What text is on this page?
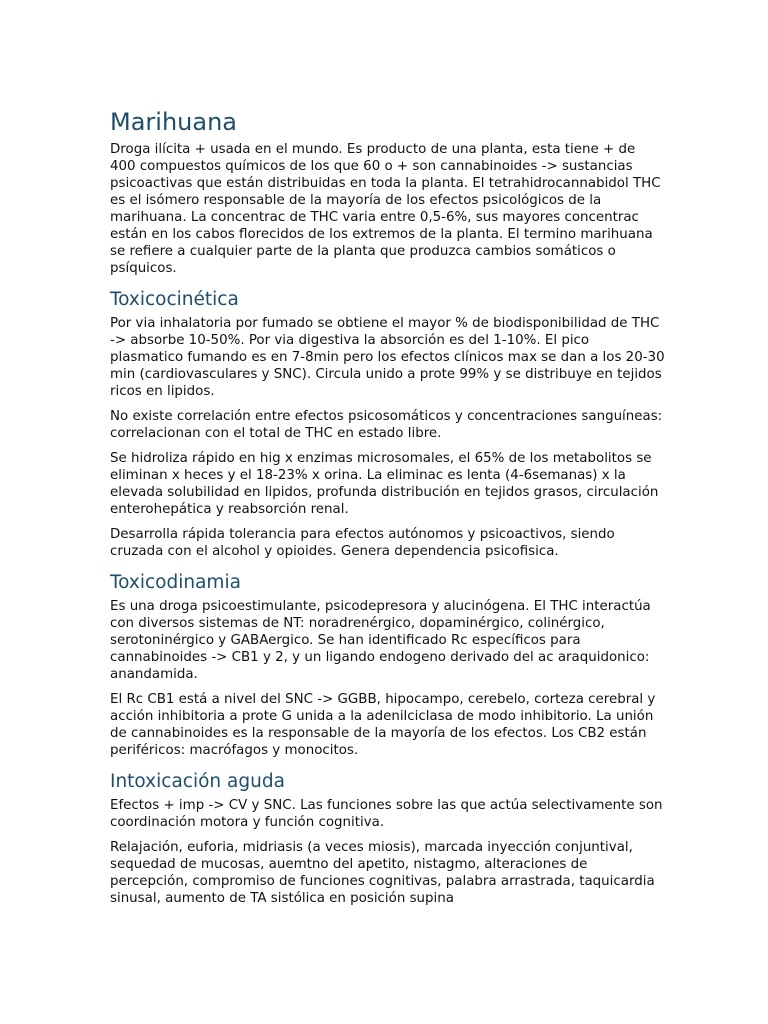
Marihuana

Droga ilícita + usada en el mundo. Es producto de una planta, esta tiene + de 400 compuestos químicos de los que 60 o + son cannabinoides -> sustancias psicoactivas que están distribuidas en toda la planta. El tetrahidrocannabidol THC es el isómero responsable de la mayoría de los efectos psicológicos de la marihuana. La concentrac de THC varia entre 0,5-6%, sus mayores concentrac están en los cabos florecidos de los extremos de la planta. El termino marihuana se refiere a cualquier parte de la planta que produzca cambios somáticos o psíquicos.

Toxicocinética

Por via inhalatoria por fumado se obtiene el mayor % de biodisponibilidad de THC -> absorbe 10-50%. Por via digestiva la absorción es del 1-10%. El pico plasmatico fumando es en 7-8min pero los efectos clínicos max se dan a los 20-30 min (cardiovasculares y SNC). Circula unido a prote 99% y se distribuye en tejidos ricos en lipidos.

No existe correlación entre efectos psicosomáticos y concentraciones sanguíneas: correlacionan con el total de THC en estado libre.

Se hidroliza rápido en hig x enzimas microsomales, el 65% de los metabolitos se eliminan x heces y el 18-23% x orina. La eliminac es lenta (4-6semanas) x la elevada solubilidad en lipidos, profunda distribución en tejidos grasos, circulación enterohepática y reabsorción renal.

Desarrolla rápida tolerancia para efectos autónomos y psicoactivos, siendo cruzada con el alcohol y opioides. Genera dependencia psicofisica.

Toxicodinamia

Es una droga psicoestimulante, psicodepresora y alucinógena. El THC interactúa con diversos sistemas de NT: noradrenérgico, dopaminérgico, colinérgico, serotoninérgico y GABAergico. Se han identificado Rc específicos para cannabinoides -> CB1 y 2, y un ligando endogeno derivado del ac araquidonico: anandamida.

El Rc CB1 está a nivel del SNC -> GGBB, hipocampo, cerebelo, corteza cerebral y acción inhibitoria a prote G unida a la adenilciclasa de modo inhibitorio. La unión de cannabinoides es la responsable de la mayoría de los efectos. Los CB2 están periféricos: macrófagos y monocitos.

Intoxicación aguda

Efectos + imp -> CV y SNC. Las funciones sobre las que actúa selectivamente son coordinación motora y función cognitiva.

Relajación, euforia, midriasis (a veces miosis), marcada inyección conjuntival, sequedad de mucosas, auemtno del apetito, nistagmo, alteraciones de percepción, compromiso de funciones cognitivas, palabra arrastrada, taquicardia sinusal, aumento de TA sistólica en posición supina
